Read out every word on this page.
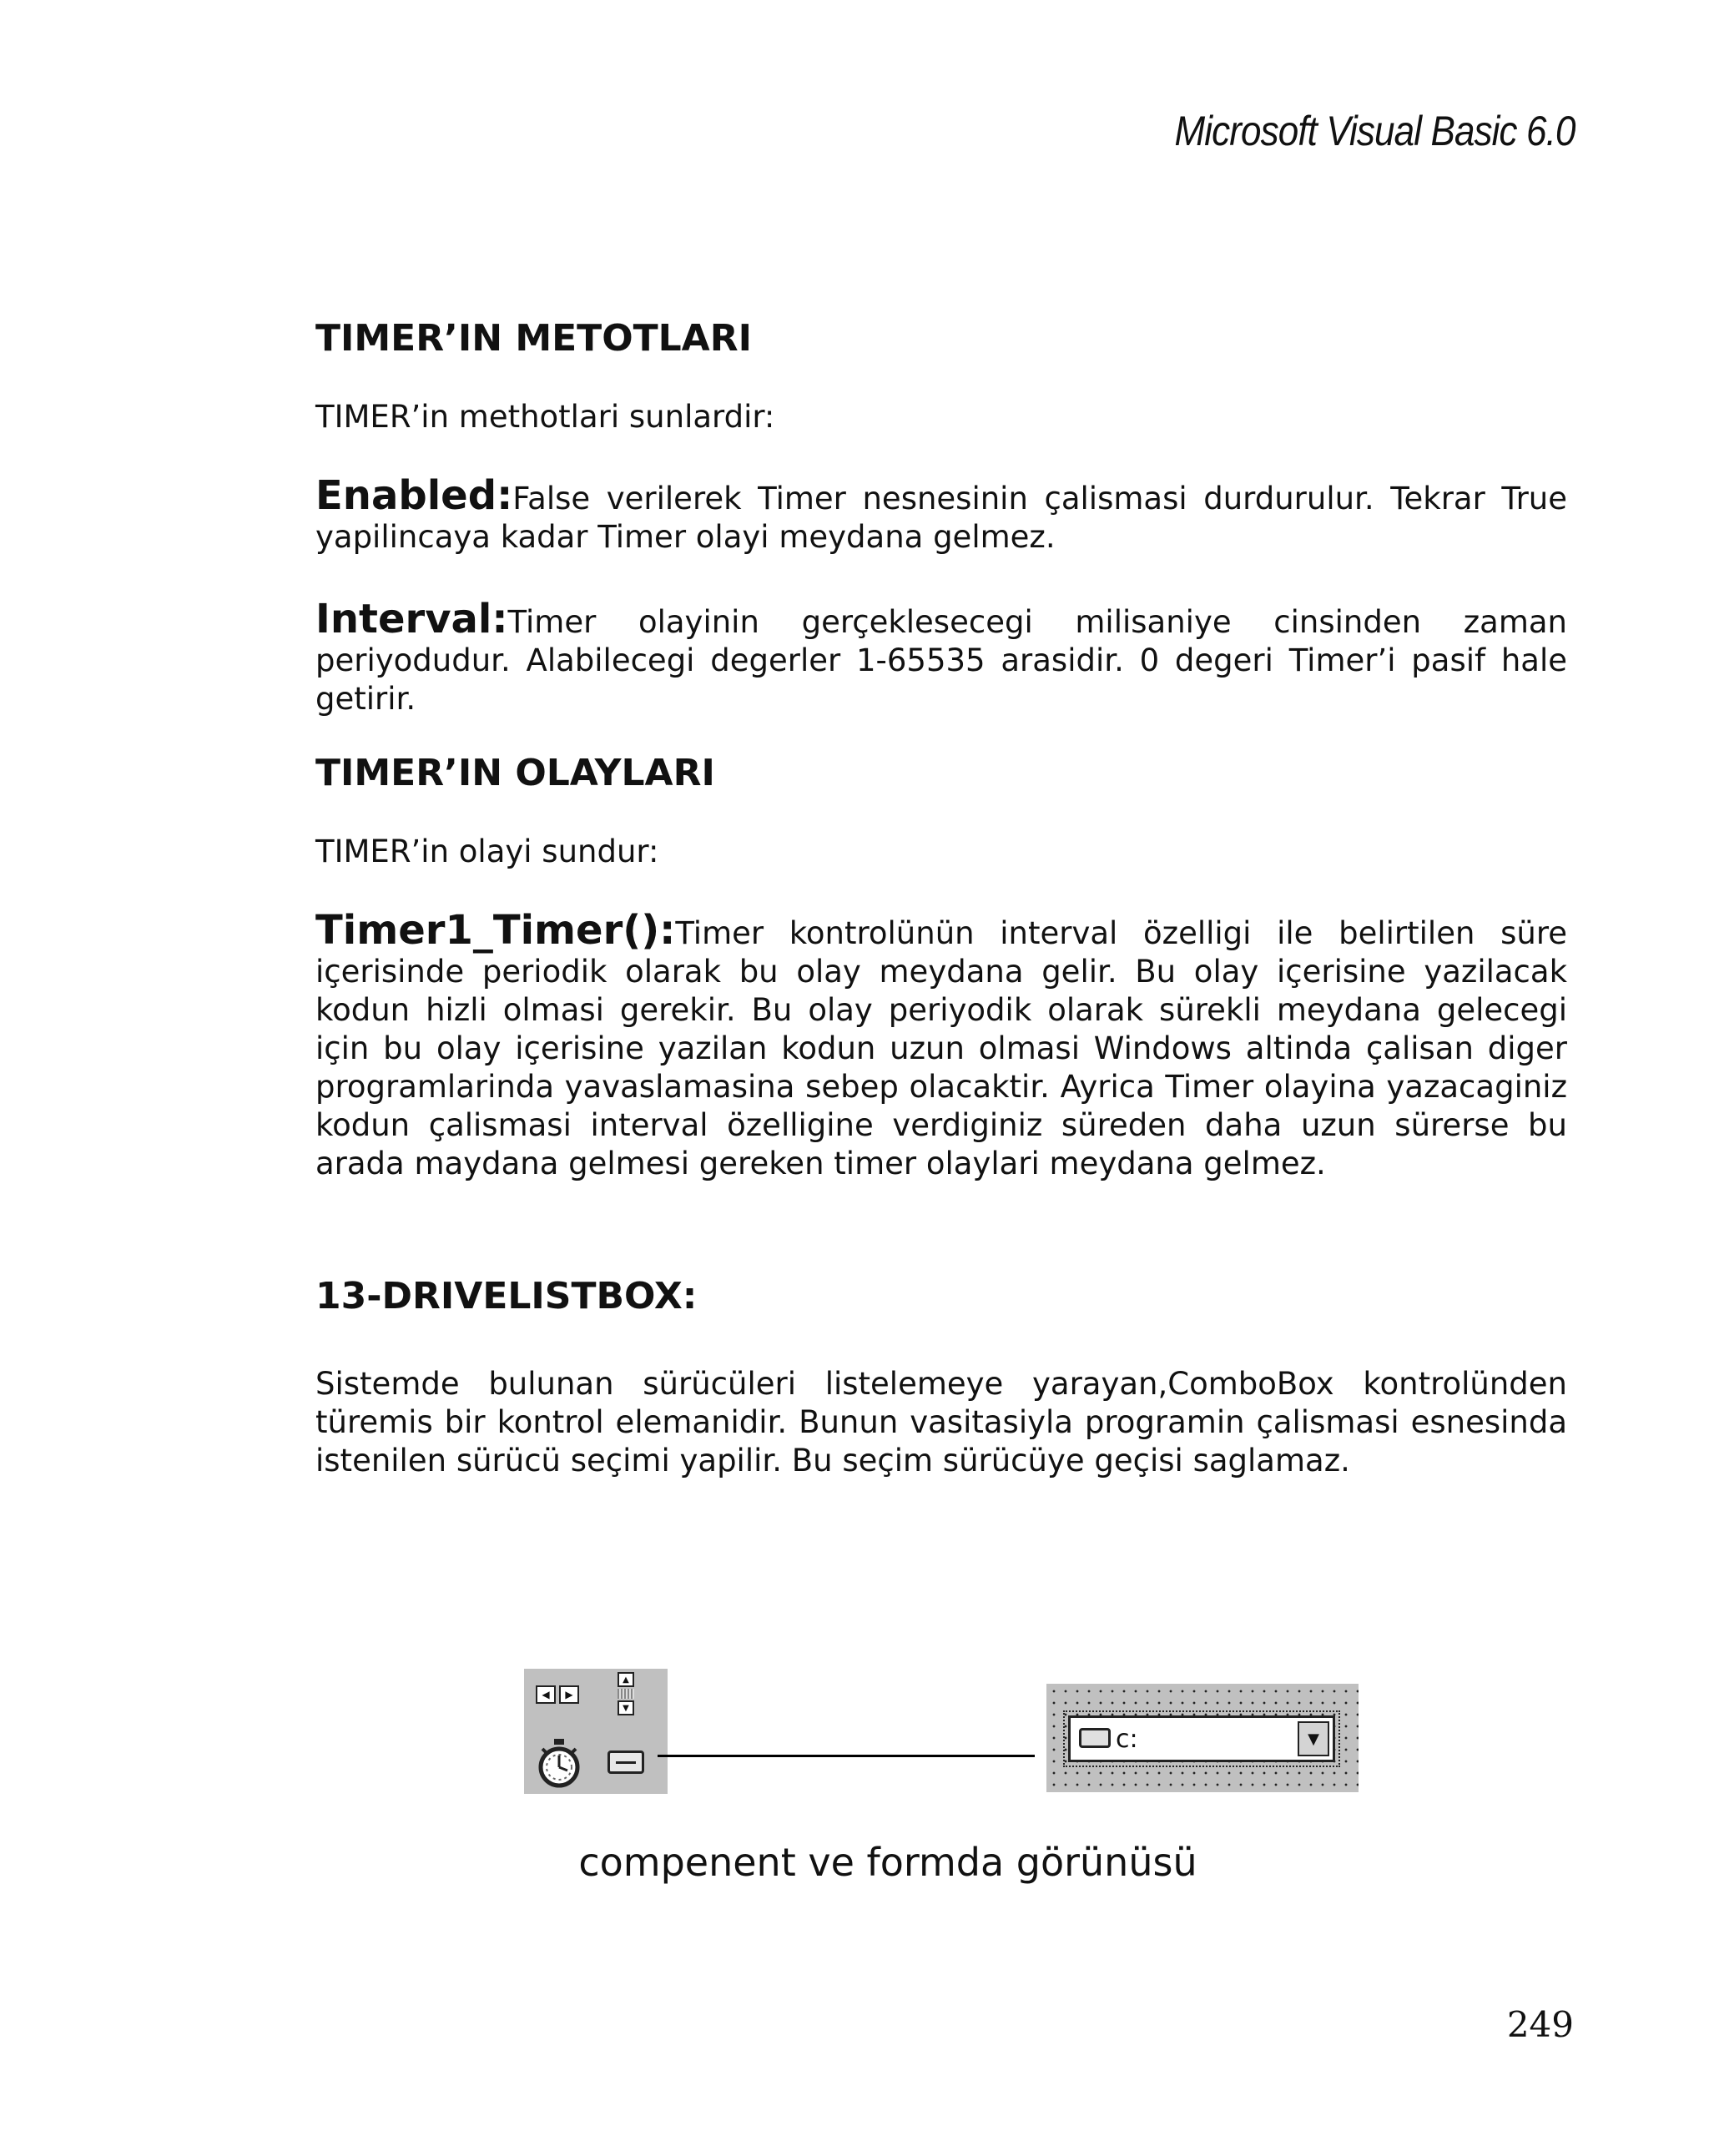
Microsoft Visual Basic 6.0
TIMER’IN METOTLARI

TIMER’in methotlari sunlardir:

Enabled:False verilerek Timer nesnesinin çalismasi durdurulur. Tekrar True yapilincaya kadar Timer olayi meydana gelmez.

Interval:Timer olayinin gerçeklesecegi milisaniye cinsinden zaman periyodudur. Alabilecegi degerler 1-65535 arasidir. 0 degeri Timer’i pasif hale getirir.

TIMER’IN OLAYLARI

TIMER’in olayi sundur:

Timer1_Timer():Timer kontrolünün interval özelligi ile belirtilen süre içerisinde periodik olarak bu olay meydana gelir. Bu olay içerisine yazilacak kodun hizli olmasi gerekir. Bu olay periyodik olarak sürekli meydana gelecegi için bu olay içerisine yazilan kodun uzun olmasi Windows altinda çalisan diger programlarinda yavaslamasina sebep olacaktir. Ayrica Timer olayina yazacaginiz kodun çalismasi interval özelligine verdiginiz süreden daha uzun sürerse bu arada maydana gelmesi gereken timer olaylari meydana gelmez.

13-DRIVELISTBOX:

Sistemde bulunan sürücüleri listelemeye yarayan,ComboBox kontrolünden türemis bir kontrol elemanidir. Bunun vasitasiyla programin çalismasi esnesinda istenilen sürücü seçimi yapilir. Bu seçim sürücüye geçisi saglamaz.

◀	▶
▲
▼
c:	▼
compenent ve formda görünüsü
249
